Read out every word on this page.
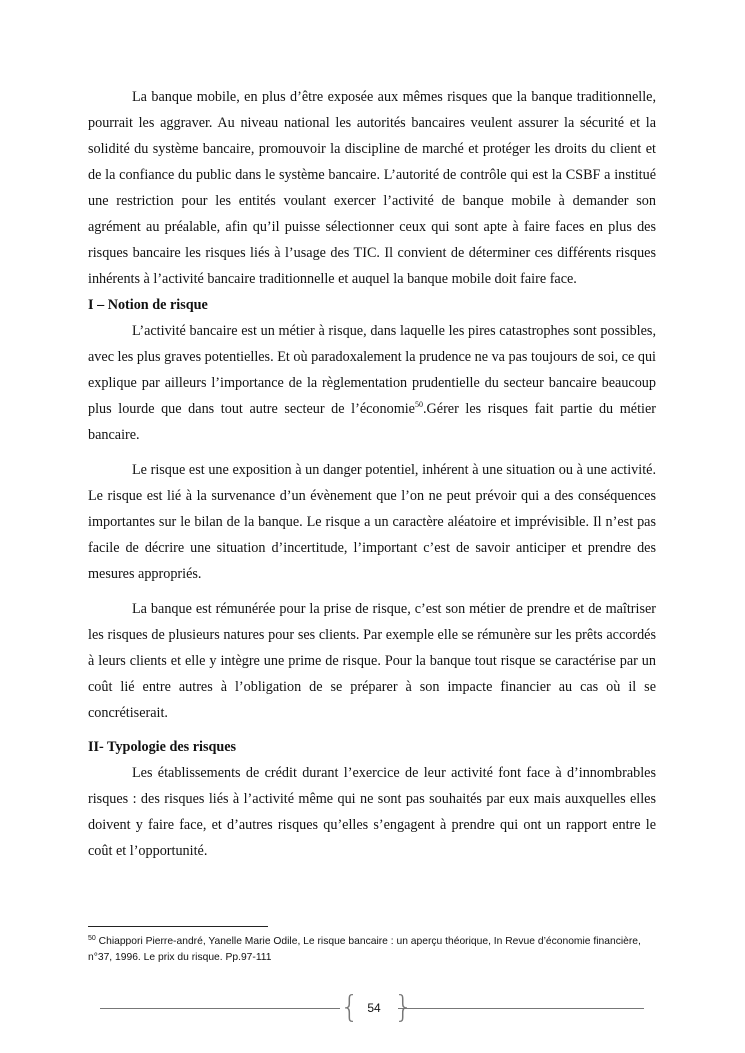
La banque mobile, en plus d’être exposée aux mêmes risques que la banque traditionnelle, pourrait les aggraver. Au niveau national les autorités bancaires veulent assurer la sécurité et la solidité du système bancaire, promouvoir la discipline de marché et protéger les droits du client et de la confiance du public dans le système bancaire. L’autorité de contrôle qui est la CSBF a institué une restriction pour les entités voulant exercer l’activité de banque mobile à demander son agrément au préalable, afin qu’il puisse sélectionner ceux qui sont apte à faire faces en plus des risques bancaire les risques liés à l’usage des TIC. Il convient de déterminer ces différents risques inhérents à l’activité bancaire traditionnelle et auquel la banque mobile doit faire face.

I – Notion de risque

L’activité bancaire est un métier à risque, dans laquelle les pires catastrophes sont possibles, avec les plus graves potentielles. Et où paradoxalement la prudence ne va pas toujours de soi, ce qui explique par ailleurs l’importance de la règlementation prudentielle du secteur bancaire beaucoup plus lourde que dans tout autre secteur de l’économie$^{50}$.Gérer les risques fait partie du métier bancaire.

Le risque est une exposition à un danger potentiel, inhérent à une situation ou à une activité. Le risque est lié à la survenance d’un évènement que l’on ne peut prévoir qui a des conséquences importantes sur le bilan de la banque. Le risque a un caractère aléatoire et imprévisible. Il n’est pas facile de décrire une situation d’incertitude, l’important c’est de savoir anticiper et prendre des mesures appropriés.

La banque est rémunérée pour la prise de risque, c’est son métier de prendre et de maîtriser les risques de plusieurs natures pour ses clients. Par exemple elle se rémunère sur les prêts accordés à leurs clients et elle y intègre une prime de risque. Pour la banque tout risque se caractérise par un coût lié entre autres à l’obligation de se préparer à son impacte financier au cas où il se concrétiserait.

II- Typologie des risques

Les établissements de crédit durant l’exercice de leur activité font face à d’innombrables risques : des risques liés à l’activité même qui ne sont pas souhaités par eux mais auxquelles elles doivent y faire face, et d’autres risques qu’elles s’engagent à prendre qui ont un rapport entre le coût et l’opportunité.

$^{50}$ Chiappori Pierre-andré, Yanelle Marie Odile, Le risque bancaire : un aperçu théorique, In Revue d’économie financière, n°37, 1996. Le prix du risque. Pp.97-111

{ 54 }
